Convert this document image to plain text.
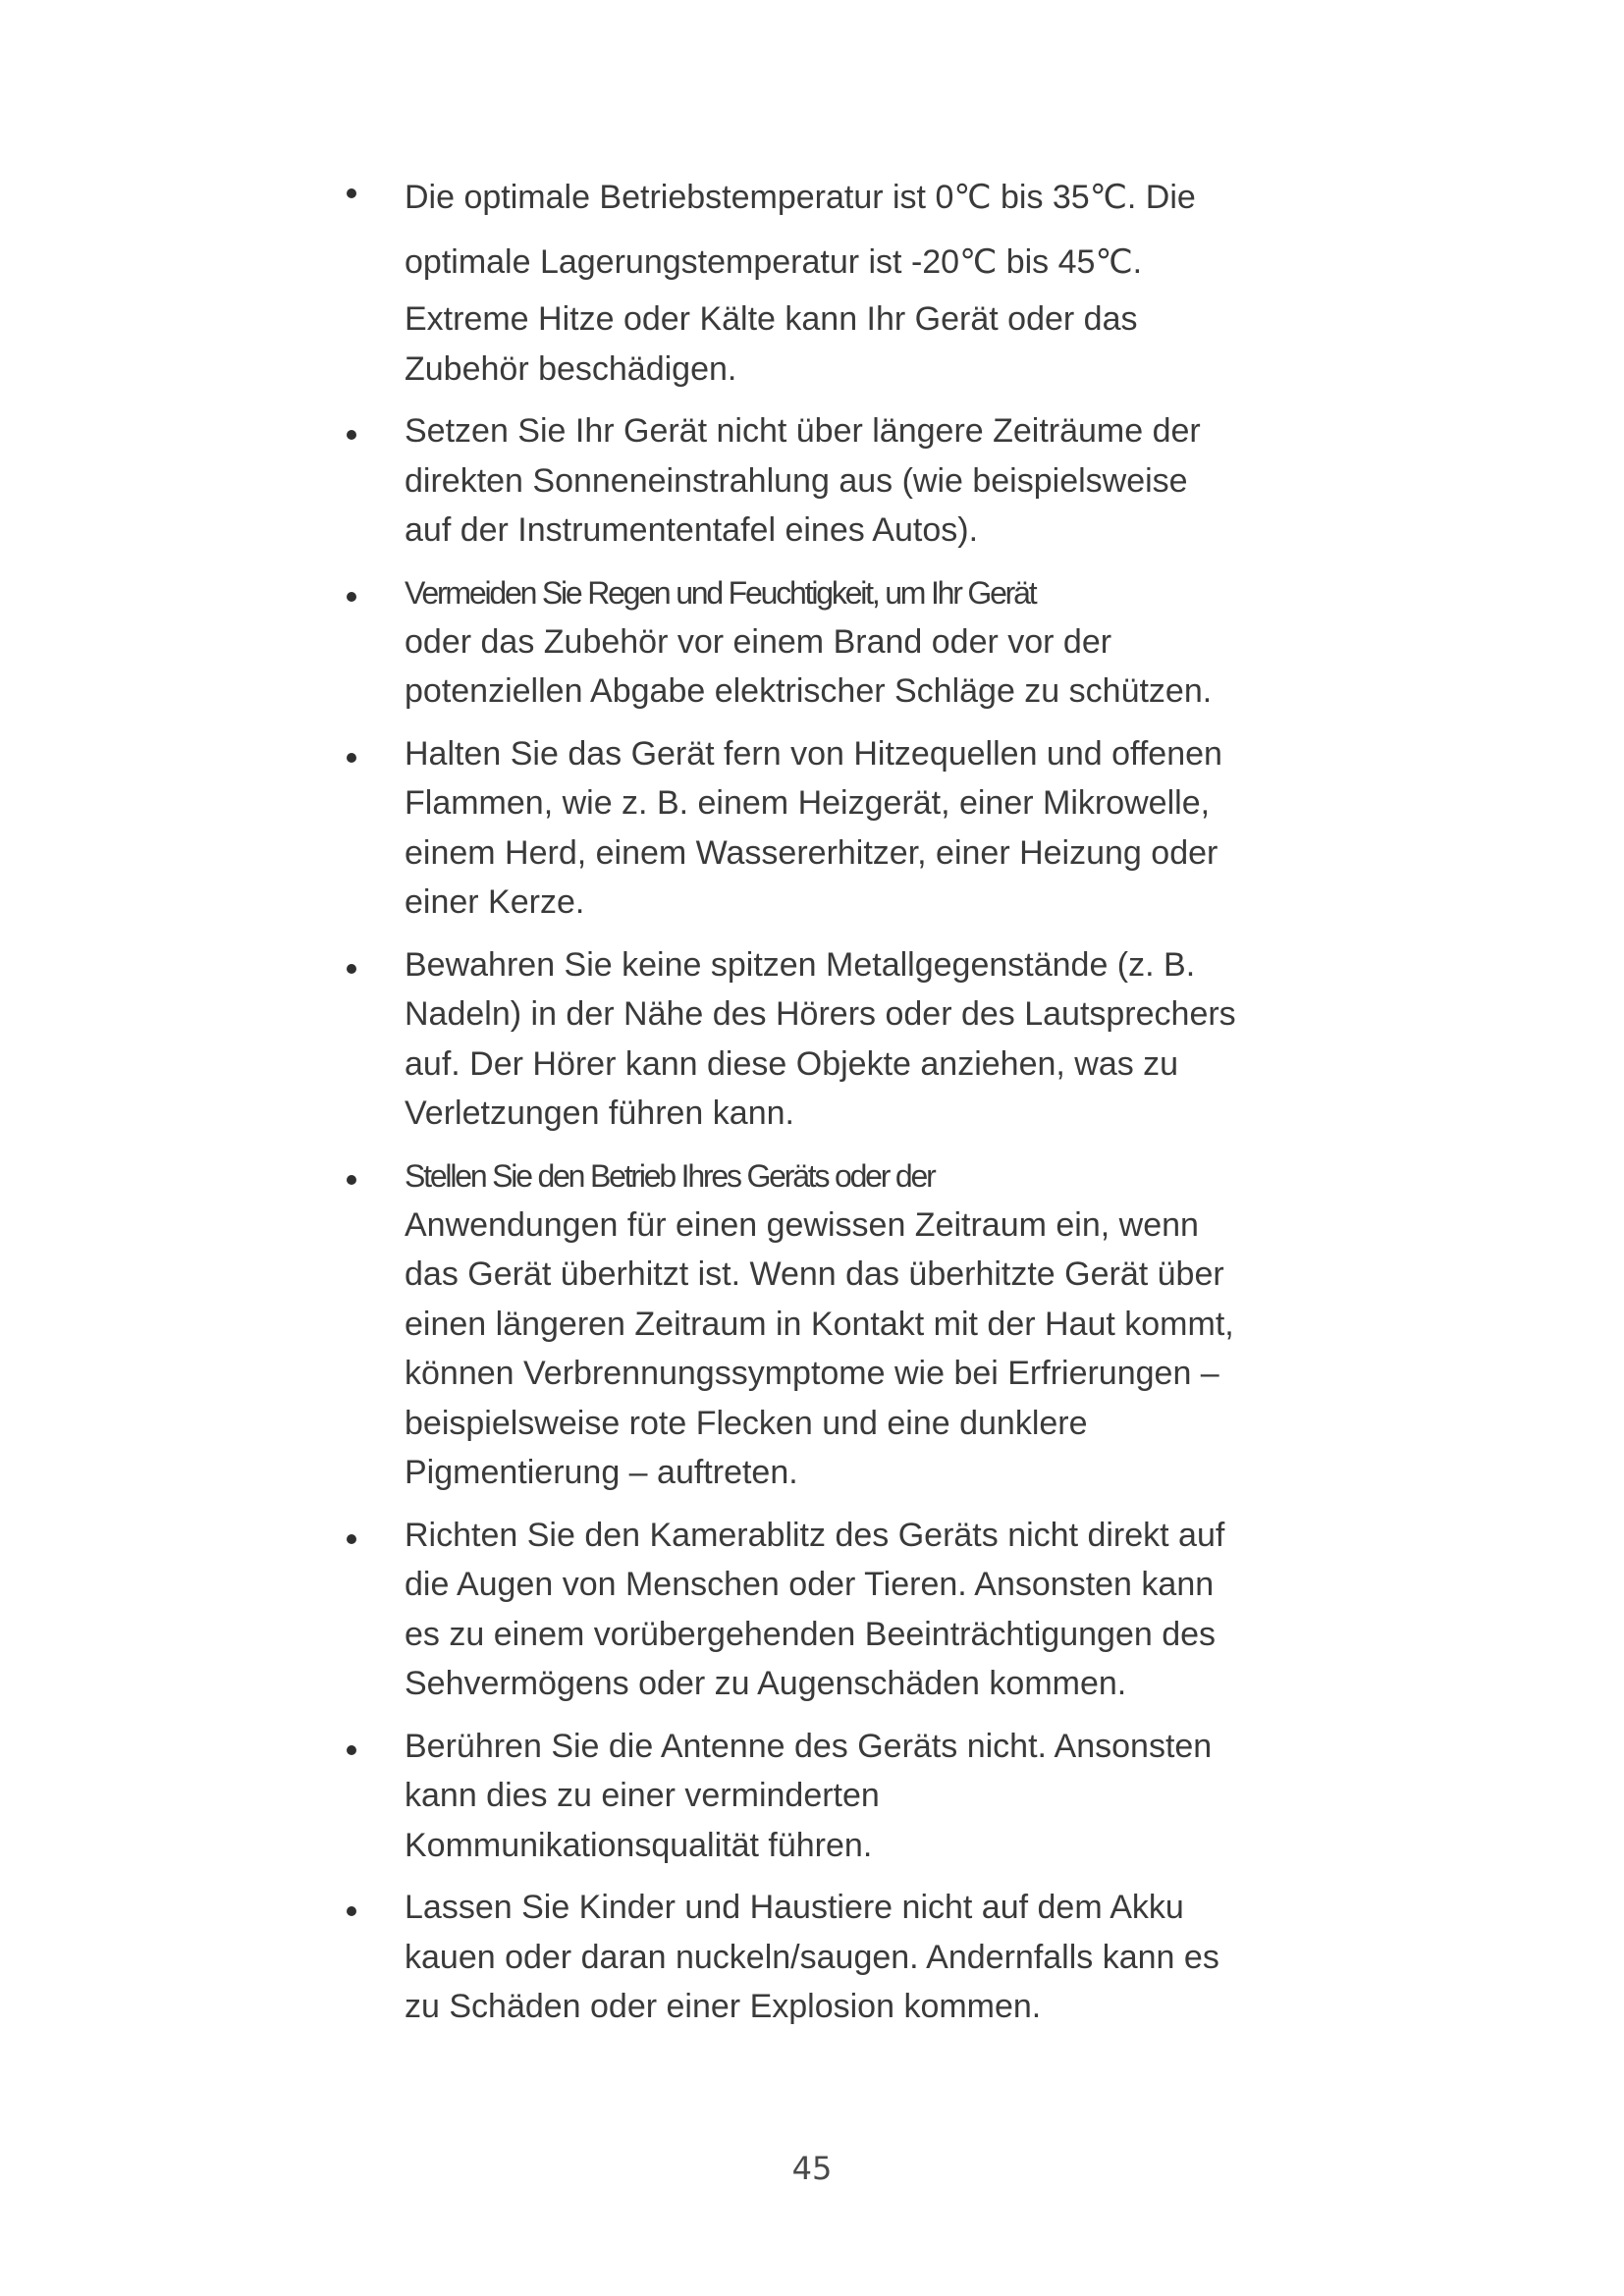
Die optimale Betriebstemperatur ist 0℃ bis 35℃. Die
optimale Lagerungstemperatur ist -20℃ bis 45℃.
Extreme Hitze oder Kälte kann Ihr Gerät oder das
Zubehör beschädigen.
Setzen Sie Ihr Gerät nicht über längere Zeiträume der
direkten Sonneneinstrahlung aus (wie beispielsweise
auf der Instrumententafel eines Autos).
Vermeiden Sie Regen und Feuchtigkeit, um Ihr Gerät
oder das Zubehör vor einem Brand oder vor der
potenziellen Abgabe elektrischer Schläge zu schützen.
Halten Sie das Gerät fern von Hitzequellen und offenen
Flammen, wie z. B. einem Heizgerät, einer Mikrowelle,
einem Herd, einem Wassererhitzer, einer Heizung oder
einer Kerze.
Bewahren Sie keine spitzen Metallgegenstände (z. B.
Nadeln) in der Nähe des Hörers oder des Lautsprechers
auf. Der Hörer kann diese Objekte anziehen, was zu
Verletzungen führen kann.
Stellen Sie den Betrieb Ihres Geräts oder der
Anwendungen für einen gewissen Zeitraum ein, wenn
das Gerät überhitzt ist. Wenn das überhitzte Gerät über
einen längeren Zeitraum in Kontakt mit der Haut kommt,
können Verbrennungssymptome wie bei Erfrierungen –
beispielsweise rote Flecken und eine dunklere
Pigmentierung – auftreten.
Richten Sie den Kamerablitz des Geräts nicht direkt auf
die Augen von Menschen oder Tieren. Ansonsten kann
es zu einem vorübergehenden Beeinträchtigungen des
Sehvermögens oder zu Augenschäden kommen.
Berühren Sie die Antenne des Geräts nicht. Ansonsten
kann dies zu einer verminderten
Kommunikationsqualität führen.
Lassen Sie Kinder und Haustiere nicht auf dem Akku
kauen oder daran nuckeln/saugen. Andernfalls kann es
zu Schäden oder einer Explosion kommen.
45
